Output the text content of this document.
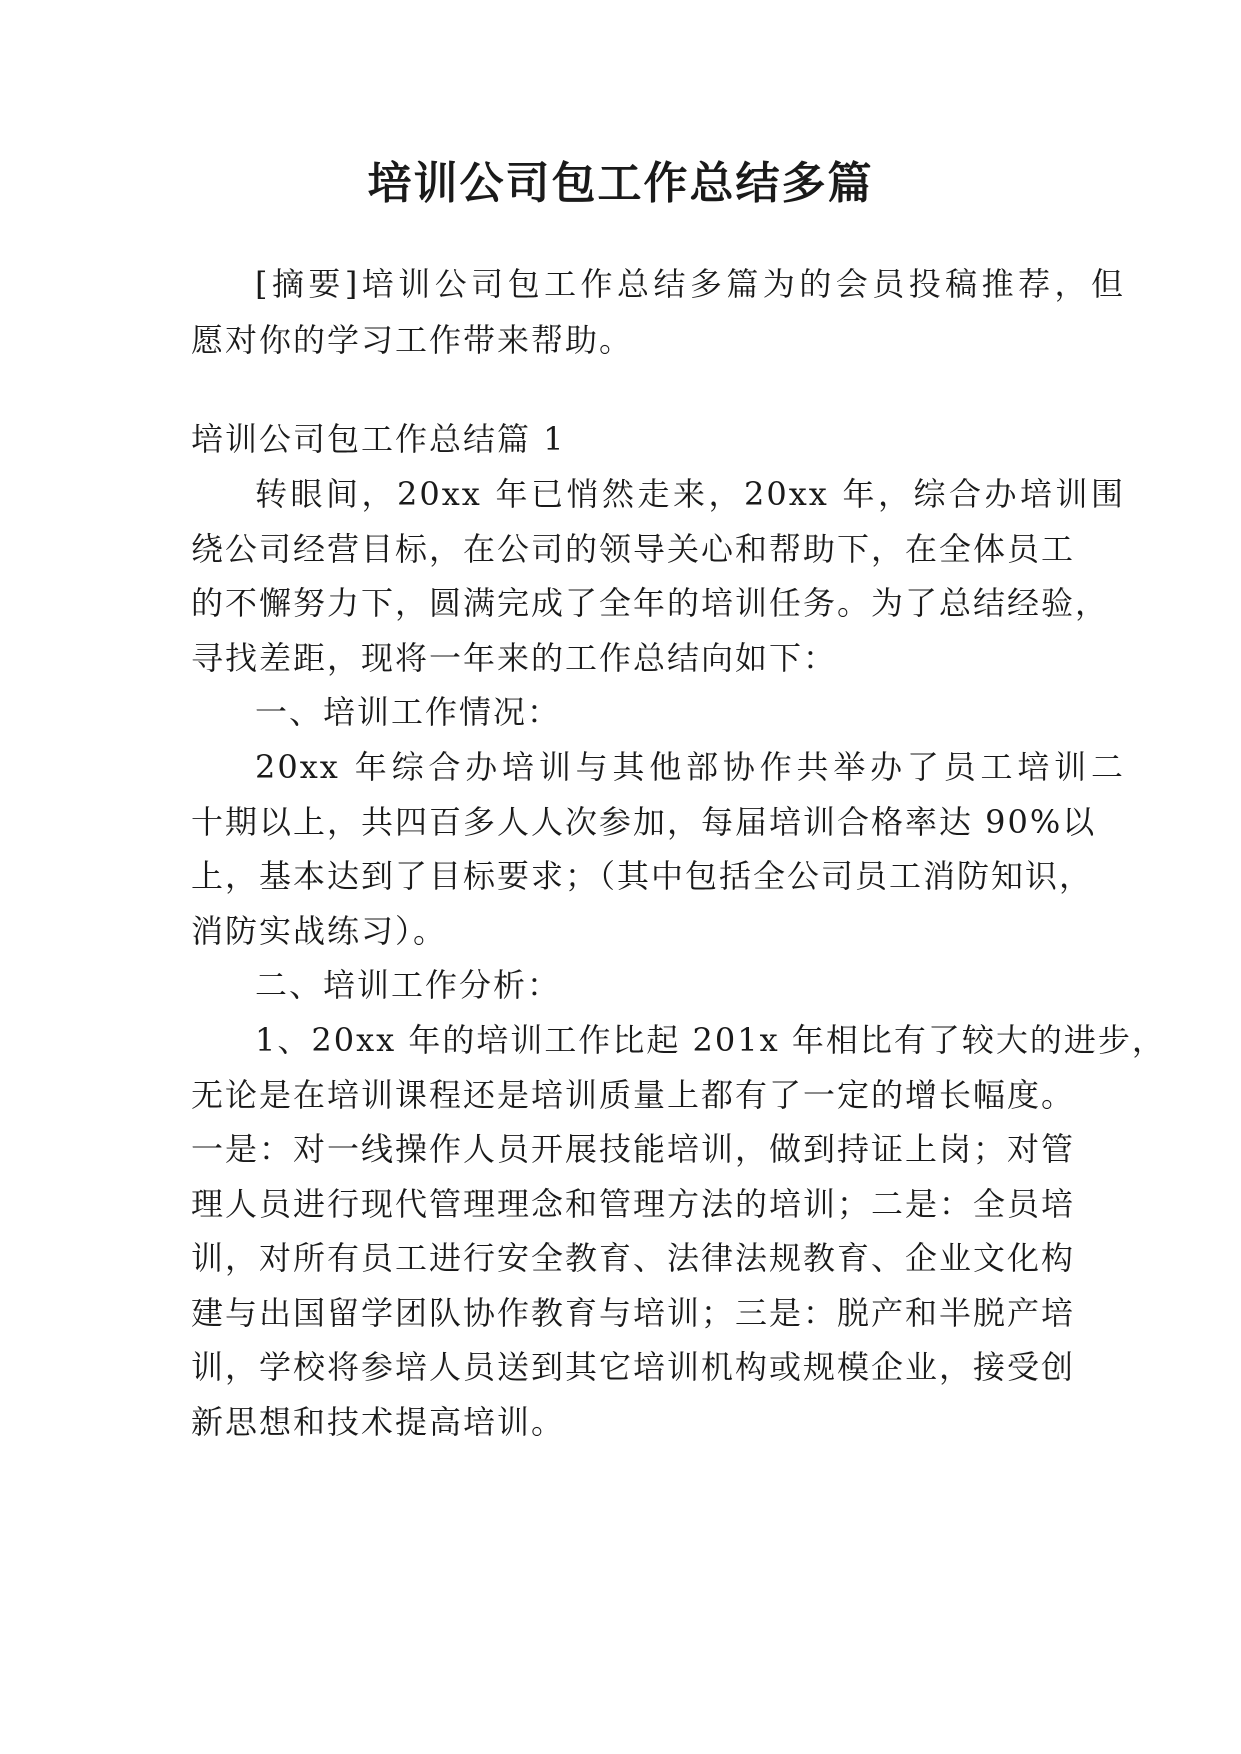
培训公司包工作总结多篇
[摘要]培训公司包工作总结多篇为的会员投稿推荐，但
愿对你的学习工作带来帮助。
培训公司包工作总结篇 1
转眼间，20xx 年已悄然走来，20xx 年，综合办培训围
绕公司经营目标，在公司的领导关心和帮助下，在全体员工
的不懈努力下，圆满完成了全年的培训任务。为了总结经验，
寻找差距，现将一年来的工作总结向如下：
一、培训工作情况：
20xx 年综合办培训与其他部协作共举办了员工培训二
十期以上，共四百多人人次参加，每届培训合格率达 90%以
上，基本达到了目标要求；（其中包括全公司员工消防知识，
消防实战练习）。
二、培训工作分析：
1、20xx 年的培训工作比起 201x 年相比有了较大的进步，
无论是在培训课程还是培训质量上都有了一定的增长幅度。
一是：对一线操作人员开展技能培训，做到持证上岗；对管
理人员进行现代管理理念和管理方法的培训；二是：全员培
训，对所有员工进行安全教育、法律法规教育、企业文化构
建与出国留学团队协作教育与培训；三是：脱产和半脱产培
训，学校将参培人员送到其它培训机构或规模企业，接受创
新思想和技术提高培训。
